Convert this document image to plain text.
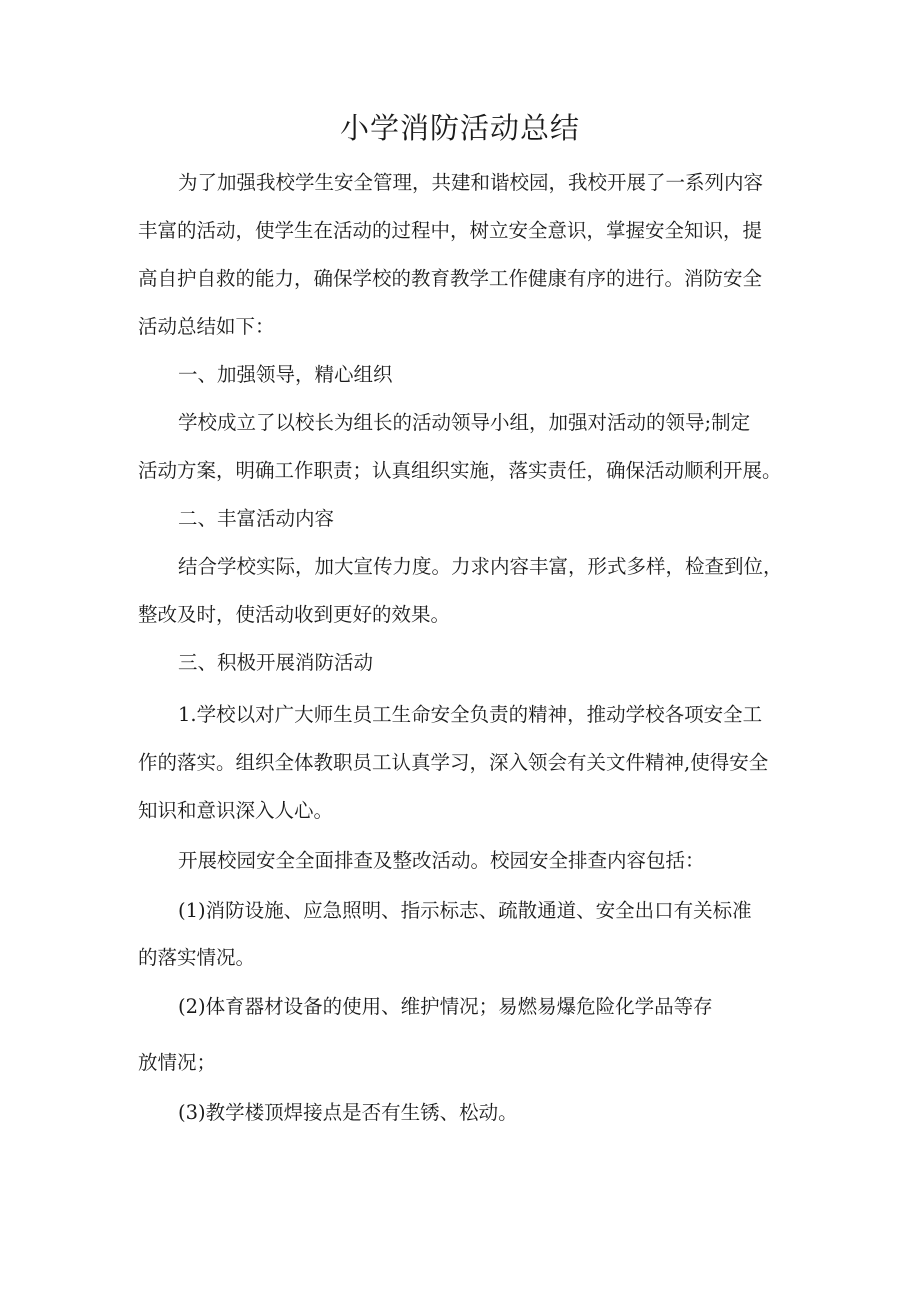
小学消防活动总结

为了加强我校学生安全管理，共建和谐校园，我校开展了一系列内容

丰富的活动，使学生在活动的过程中，树立安全意识，掌握安全知识，提

高自护自救的能力，确保学校的教育教学工作健康有序的进行。消防安全

活动总结如下：

一、加强领导，精心组织

学校成立了以校长为组长的活动领导小组，加强对活动的领导;制定

活动方案，明确工作职责；认真组织实施，落实责任，确保活动顺利开展。

二、丰富活动内容

结合学校实际，加大宣传力度。力求内容丰富，形式多样，检查到位，

整改及时，使活动收到更好的效果。

三、积极开展消防活动

1.学校以对广大师生员工生命安全负责的精神，推动学校各项安全工

作的落实。组织全体教职员工认真学习，深入领会有关文件精神,使得安全

知识和意识深入人心。

开展校园安全全面排查及整改活动。校园安全排查内容包括：

(1)消防设施、应急照明、指示标志、疏散通道、安全出口有关标准

的落实情况。

(2)体育器材设备的使用、维护情况；易燃易爆危险化学品等存

放情况；

(3)教学楼顶焊接点是否有生锈、松动。
